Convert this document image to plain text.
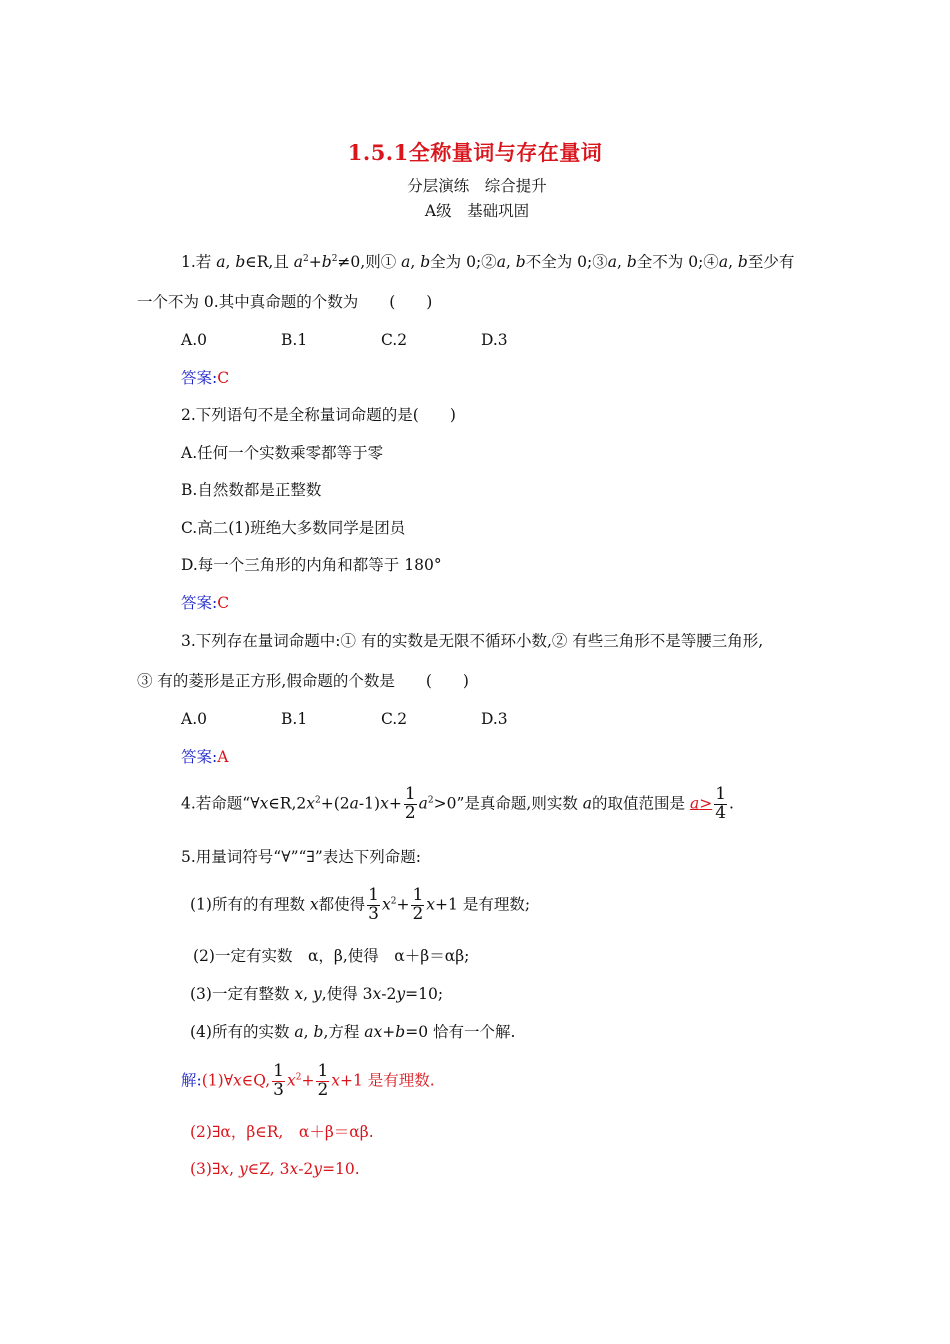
1.5.1全称量词与存在量词
分层演练　综合提升
A级　基础巩固
1.若 a, b∈R,且 $a^2+b^2\ne 0$,则① a, b全为 0;②a, b不全为 0;③a, b全不为 0;④a, b至少有
一个不为 0.其中真命题的个数为　　(　　)
A.0	B.1	C.2	D.3
答案:C
2.下列语句不是全称量词命题的是(　　)
A.任何一个实数乘零都等于零
B.自然数都是正整数
C.高二(1)班绝大多数同学是团员
D.每一个三角形的内角和都等于 180°
答案:C
3.下列存在量词命题中:① 有的实数是无限不循环小数,② 有些三角形不是等腰三角形,
③ 有的菱形是正方形,假命题的个数是　　(　　)
A.0	B.1	C.2	D.3
答案:A
4.若命题“$\forall x\in R,2x^2+(2a-1)x+ \frac{1}{2} a^2>0$”是真命题,则实数 a的取值范围是 $a> \frac{1}{4}$ .
5.用量词符号“∀”“∃”表达下列命题:
(1)所有的有理数 x都使得 $\frac{1}{3} x^2+ \frac{1}{2} x+1$ 是有理数;
(2)一定有实数　α，β,使得　α＋β＝αβ;
(3)一定有整数 x, y,使得 3x-2y=10;
(4)所有的实数 a, b,方程 ax+b=0 恰有一个解.
解:(1)∀x∈Q, $\frac{1}{3} x^2+ \frac{1}{2} x+1$ 是有理数.
(2)∃α，β∈R,　α＋β＝αβ.
(3)∃x, y∈Z, 3x-2y=10.
